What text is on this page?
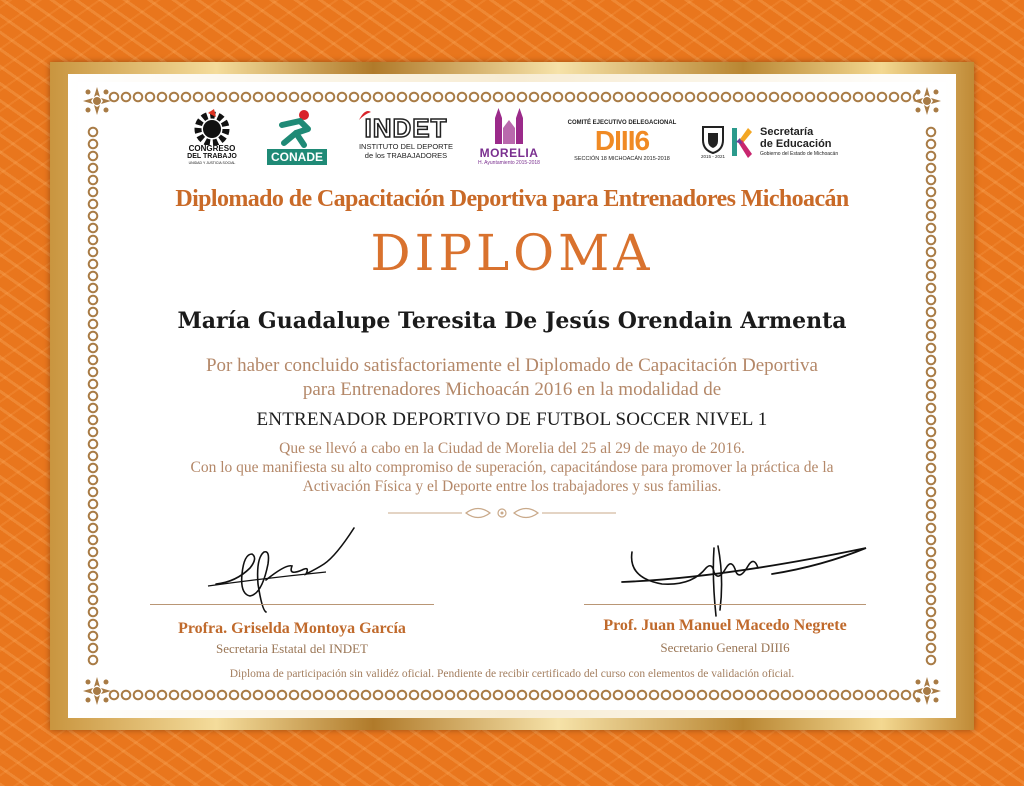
CONGRESO
DEL TRABAJO
UNIDAD Y JUSTICIA SOCIAL	CONADE
INDET
INSTITUTO DEL DEPORTE
de los TRABAJADORES	MORELIA
H. Ayuntamiento 2015-2018
COMITÉ EJECUTIVO DELEGACIONAL
DIII6
SECCIÓN 18 MICHOACÁN 2015-2018	2015 - 2021
Secretaría
de Educación
Gobierno del Estado de Michoacán
Diplomado de Capacitación Deportiva para Entrenadores Michoacán
DIPLOMA
María Guadalupe Teresita De Jesús Orendain Armenta
Por haber concluido satisfactoriamente el Diplomado de Capacitación Deportiva
para Entrenadores Michoacán 2016 en la modalidad de
ENTRENADOR DEPORTIVO DE FUTBOL SOCCER NIVEL 1
Que se llevó a cabo en la Ciudad de Morelia del 25 al 29 de mayo de 2016.
Con lo que manifiesta su alto compromiso de superación, capacitándose para promover la práctica de la
Activación Física y el Deporte entre los trabajadores y sus familias.
Profra. Griselda Montoya García
Secretaria Estatal del INDET
Prof. Juan Manuel Macedo Negrete
Secretario General DIII6
Diploma de participación sin validéz oficial. Pendiente de recibir certificado del curso con elementos de validación oficial.
